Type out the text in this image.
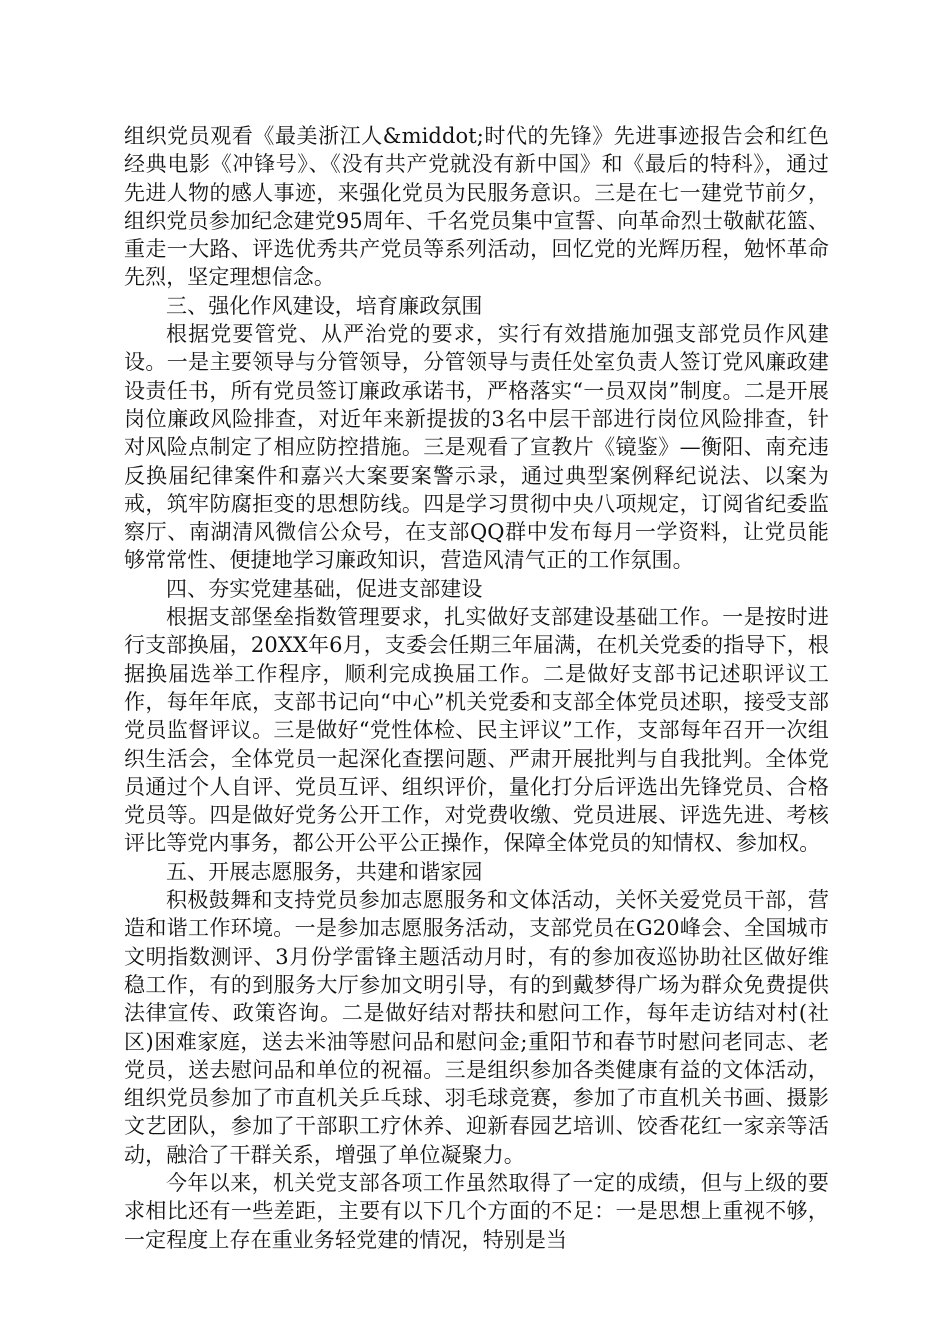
组织党员观看《最美浙江人&middot;时代的先锋》先进事迹报告会和红色经典电影《冲锋号》、《没有共产党就没有新中国》和《最后的特科》，通过先进人物的感人事迹，来强化党员为民服务意识。三是在七一建党节前夕，组织党员参加纪念建党95周年、千名党员集中宣誓、向革命烈士敬献花篮、重走一大路、评选优秀共产党员等系列活动，回忆党的光辉历程，勉怀革命先烈，坚定理想信念。

三、强化作风建设，培育廉政氛围

根据党要管党、从严治党的要求，实行有效措施加强支部党员作风建设。一是主要领导与分管领导，分管领导与责任处室负责人签订党风廉政建设责任书，所有党员签订廉政承诺书，严格落实“一员双岗”制度。二是开展岗位廉政风险排查，对近年来新提拔的3名中层干部进行岗位风险排查，针对风险点制定了相应防控措施。三是观看了宣教片《镜鉴》—衡阳、南充违反换届纪律案件和嘉兴大案要案警示录，通过典型案例释纪说法、以案为戒，筑牢防腐拒变的思想防线。四是学习贯彻中央八项规定，订阅省纪委监察厅、南湖清风微信公众号，在支部QQ群中发布每月一学资料，让党员能够常常性、便捷地学习廉政知识，营造风清气正的工作氛围。

四、夯实党建基础，促进支部建设

根据支部堡垒指数管理要求，扎实做好支部建设基础工作。一是按时进行支部换届，20XX年6月，支委会任期三年届满，在机关党委的指导下，根据换届选举工作程序，顺利完成换届工作。二是做好支部书记述职评议工作，每年年底，支部书记向“中心”机关党委和支部全体党员述职，接受支部党员监督评议。三是做好“党性体检、民主评议”工作，支部每年召开一次组织生活会，全体党员一起深化查摆问题、严肃开展批判与自我批判。全体党员通过个人自评、党员互评、组织评价，量化打分后评选出先锋党员、合格党员等。四是做好党务公开工作，对党费收缴、党员进展、评选先进、考核评比等党内事务，都公开公平公正操作，保障全体党员的知情权、参加权。

五、开展志愿服务，共建和谐家园

积极鼓舞和支持党员参加志愿服务和文体活动，关怀关爱党员干部，营造和谐工作环境。一是参加志愿服务活动，支部党员在G20峰会、全国城市文明指数测评、3月份学雷锋主题活动月时，有的参加夜巡协助社区做好维稳工作，有的到服务大厅参加文明引导，有的到戴梦得广场为群众免费提供法律宣传、政策咨询。二是做好结对帮扶和慰问工作，每年走访结对村(社区)困难家庭，送去米油等慰问品和慰问金;重阳节和春节时慰问老同志、老党员，送去慰问品和单位的祝福。三是组织参加各类健康有益的文体活动，组织党员参加了市直机关乒乓球、羽毛球竞赛，参加了市直机关书画、摄影文艺团队，参加了干部职工疗休养、迎新春园艺培训、饺香花红一家亲等活动，融洽了干群关系，增强了单位凝聚力。

今年以来，机关党支部各项工作虽然取得了一定的成绩，但与上级的要求相比还有一些差距，主要有以下几个方面的不足：一是思想上重视不够，一定程度上存在重业务轻党建的情况，特别是当
